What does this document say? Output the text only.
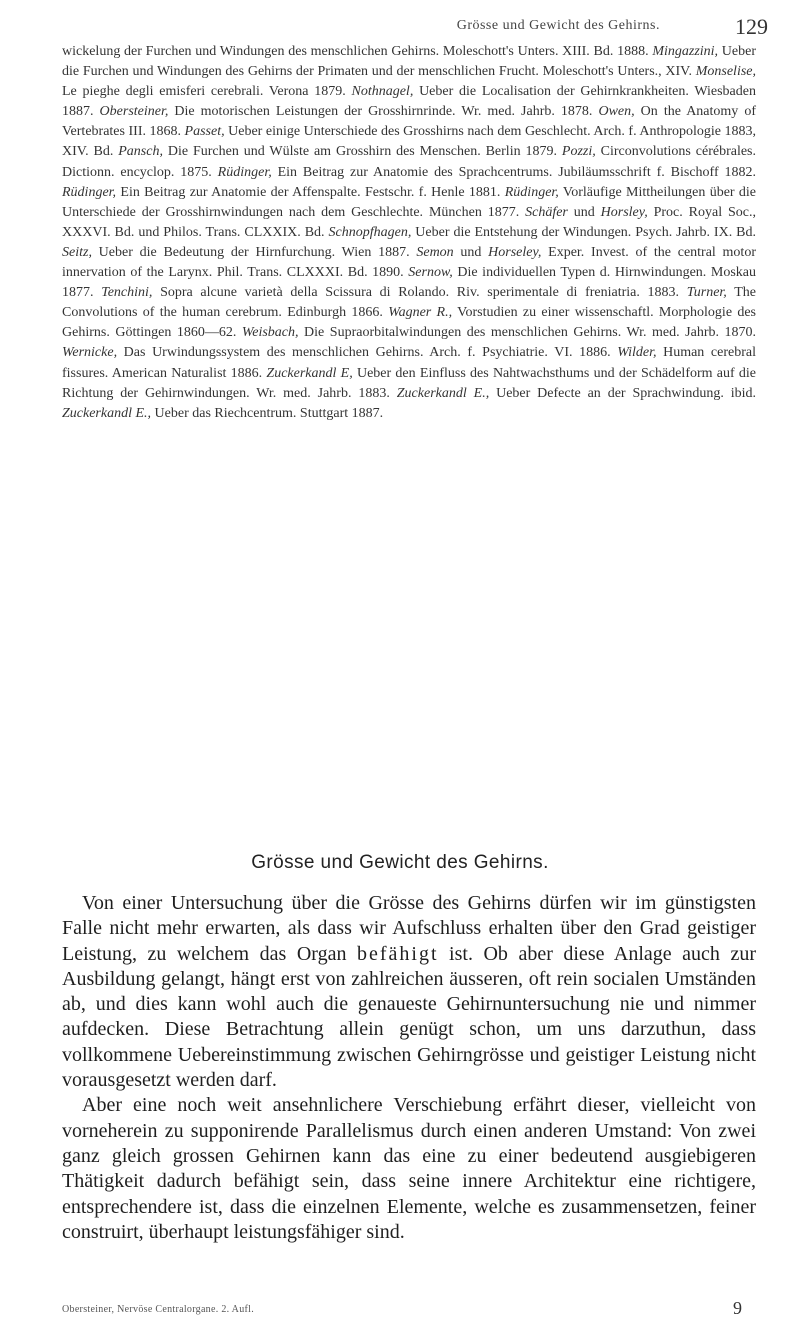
Grösse und Gewicht des Gehirns.	129

wickelung der Furchen und Windungen des menschlichen Gehirns. Moleschott's Unters. XIII. Bd. 1888. Mingazzini, Ueber die Furchen und Windungen des Gehirns der Primaten und der menschlichen Frucht. Moleschott's Unters., XIV. Monselise, Le pieghe degli emisferi cerebrali. Verona 1879. Nothnagel, Ueber die Localisation der Gehirnkrankheiten. Wiesbaden 1887. Obersteiner, Die motorischen Leistungen der Grosshirnrinde. Wr. med. Jahrb. 1878. Owen, On the Anatomy of Vertebrates III. 1868. Passet, Ueber einige Unterschiede des Grosshirns nach dem Geschlecht. Arch. f. Anthropologie 1883, XIV. Bd. Pansch, Die Furchen und Wülste am Grosshirn des Menschen. Berlin 1879. Pozzi, Circonvolutions cérébrales. Dictionn. encyclop. 1875. Rüdinger, Ein Beitrag zur Anatomie des Sprachcentrums. Jubiläumsschrift f. Bischoff 1882. Rüdinger, Ein Beitrag zur Anatomie der Affenspalte. Festschr. f. Henle 1881. Rüdinger, Vorläufige Mittheilungen über die Unterschiede der Grosshirnwindungen nach dem Geschlechte. München 1877. Schäfer und Horsley, Proc. Royal Soc., XXXVI. Bd. und Philos. Trans. CLXXIX. Bd. Schnopfhagen, Ueber die Entstehung der Windungen. Psych. Jahrb. IX. Bd. Seitz, Ueber die Bedeutung der Hirnfurchung. Wien 1887. Semon und Horseley, Exper. Invest. of the central motor innervation of the Larynx. Phil. Trans. CLXXXI. Bd. 1890. Sernow, Die individuellen Typen d. Hirnwindungen. Moskau 1877. Tenchini, Sopra alcune varietà della Scissura di Rolando. Riv. sperimentale di freniatria. 1883. Turner, The Convolutions of the human cerebrum. Edinburgh 1866. Wagner R., Vorstudien zu einer wissenschaftl. Morphologie des Gehirns. Göttingen 1860—62. Weisbach, Die Supraorbitalwindungen des menschlichen Gehirns. Wr. med. Jahrb. 1870. Wernicke, Das Urwindungssystem des menschlichen Gehirns. Arch. f. Psychiatrie. VI. 1886. Wilder, Human cerebral fissures. American Naturalist 1886. Zuckerkandl E, Ueber den Einfluss des Nahtwachsthums und der Schädelform auf die Richtung der Gehirnwindungen. Wr. med. Jahrb. 1883. Zuckerkandl E., Ueber Defecte an der Sprachwindung. ibid. Zuckerkandl E., Ueber das Riechcentrum. Stuttgart 1887.

Grösse und Gewicht des Gehirns.

Von einer Untersuchung über die Grösse des Gehirns dürfen wir im günstigsten Falle nicht mehr erwarten, als dass wir Aufschluss erhalten über den Grad geistiger Leistung, zu welchem das Organ befähigt ist. Ob aber diese Anlage auch zur Ausbildung gelangt, hängt erst von zahlreichen äusseren, oft rein socialen Umständen ab, und dies kann wohl auch die genaueste Gehirnuntersuchung nie und nimmer aufdecken. Diese Betrachtung allein genügt schon, um uns darzuthun, dass vollkommene Uebereinstimmung zwischen Gehirngrösse und geistiger Leistung nicht vorausgesetzt werden darf.

Aber eine noch weit ansehnlichere Verschiebung erfährt dieser, vielleicht von vorneherein zu supponirende Parallelismus durch einen anderen Umstand: Von zwei ganz gleich grossen Gehirnen kann das eine zu einer bedeutend ausgiebigeren Thätigkeit dadurch befähigt sein, dass seine innere Architektur eine richtigere, entsprechendere ist, dass die einzelnen Elemente, welche es zusammensetzen, feiner construirt, überhaupt leistungsfähiger sind.

Obersteiner, Nervöse Centralorgane. 2. Aufl.	9
